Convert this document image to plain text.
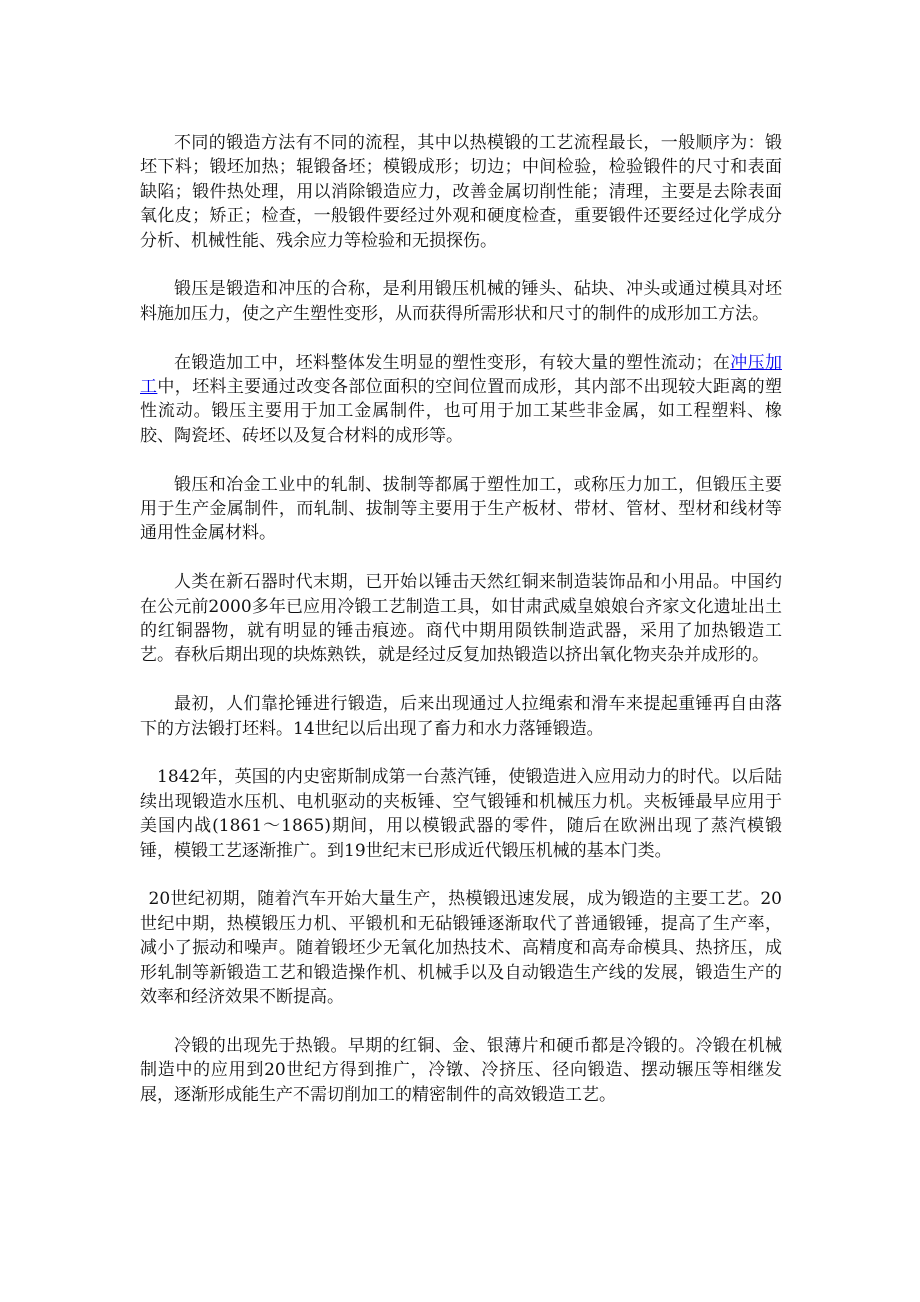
不同的锻造方法有不同的流程，其中以热模锻的工艺流程最长，一般顺序为：锻坯下料；锻坯加热；辊锻备坯；模锻成形；切边；中间检验，检验锻件的尺寸和表面缺陷；锻件热处理，用以消除锻造应力，改善金属切削性能；清理，主要是去除表面氧化皮；矫正；检查，一般锻件要经过外观和硬度检查，重要锻件还要经过化学成分分析、机械性能、残余应力等检验和无损探伤。

锻压是锻造和冲压的合称，是利用锻压机械的锤头、砧块、冲头或通过模具对坯料施加压力，使之产生塑性变形，从而获得所需形状和尺寸的制件的成形加工方法。

在锻造加工中，坯料整体发生明显的塑性变形，有较大量的塑性流动；在冲压加工中，坯料主要通过改变各部位面积的空间位置而成形，其内部不出现较大距离的塑性流动。锻压主要用于加工金属制件，也可用于加工某些非金属，如工程塑料、橡胶、陶瓷坯、砖坯以及复合材料的成形等。

锻压和冶金工业中的轧制、拔制等都属于塑性加工，或称压力加工，但锻压主要用于生产金属制件，而轧制、拔制等主要用于生产板材、带材、管材、型材和线材等通用性金属材料。

人类在新石器时代末期，已开始以锤击天然红铜来制造装饰品和小用品。中国约在公元前2000多年已应用冷锻工艺制造工具，如甘肃武威皇娘娘台齐家文化遗址出土的红铜器物，就有明显的锤击痕迹。商代中期用陨铁制造武器，采用了加热锻造工艺。春秋后期出现的块炼熟铁，就是经过反复加热锻造以挤出氧化物夹杂并成形的。

最初，人们靠抡锤进行锻造，后来出现通过人拉绳索和滑车来提起重锤再自由落下的方法锻打坯料。14世纪以后出现了畜力和水力落锤锻造。

1842年，英国的内史密斯制成第一台蒸汽锤，使锻造进入应用动力的时代。以后陆续出现锻造水压机、电机驱动的夹板锤、空气锻锤和机械压力机。夹板锤最早应用于美国内战(1861～1865)期间，用以模锻武器的零件，随后在欧洲出现了蒸汽模锻锤，模锻工艺逐渐推广。到19世纪末已形成近代锻压机械的基本门类。

20世纪初期，随着汽车开始大量生产，热模锻迅速发展，成为锻造的主要工艺。20世纪中期，热模锻压力机、平锻机和无砧锻锤逐渐取代了普通锻锤，提高了生产率，减小了振动和噪声。随着锻坯少无氧化加热技术、高精度和高寿命模具、热挤压，成形轧制等新锻造工艺和锻造操作机、机械手以及自动锻造生产线的发展，锻造生产的效率和经济效果不断提高。

冷锻的出现先于热锻。早期的红铜、金、银薄片和硬币都是冷锻的。冷锻在机械制造中的应用到20世纪方得到推广，冷镦、冷挤压、径向锻造、摆动辗压等相继发展，逐渐形成能生产不需切削加工的精密制件的高效锻造工艺。
